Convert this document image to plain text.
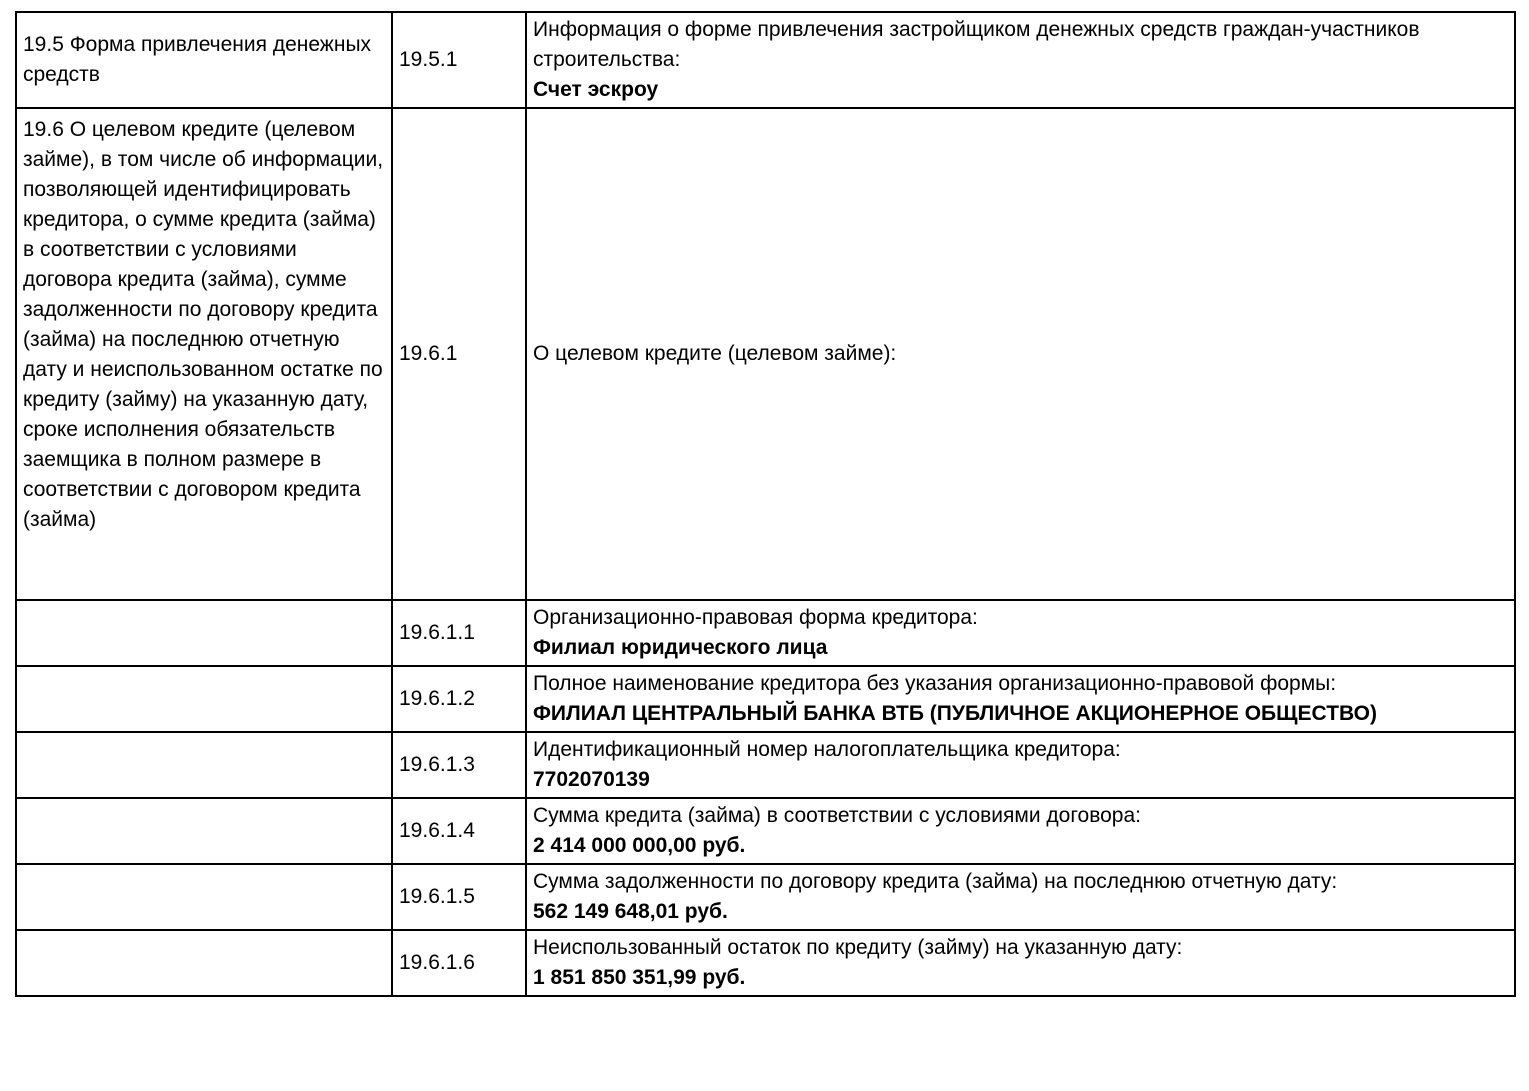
19.5 Форма привлечения денежных средств	19.5.1	Информация о форме привлечения застройщиком денежных средств граждан-участников строительства:
Счет эскроу

19.6 О целевом кредите (целевом займе), в том числе об информации, позволяющей идентифицировать кредитора, о сумме кредита (займа) в соответствии с условиями договора кредита (займа), сумме задолженности по договору кредита (займа) на последнюю отчетную дату и неиспользованном остатке по кредиту (займу) на указанную дату, сроке исполнения обязательств заемщика в полном размере в соответствии с договором кредита (займа)	19.6.1	О целевом кредите (целевом займе):

	19.6.1.1	Организационно-правовая форма кредитора:
Филиал юридического лица

	19.6.1.2	Полное наименование кредитора без указания организационно-правовой формы:
ФИЛИАЛ ЦЕНТРАЛЬНЫЙ БАНКА ВТБ (ПУБЛИЧНОЕ АКЦИОНЕРНОЕ ОБЩЕСТВО)

	19.6.1.3	Идентификационный номер налогоплательщика кредитора:
7702070139

	19.6.1.4	Сумма кредита (займа) в соответствии с условиями договора:
2 414 000 000,00 руб.

	19.6.1.5	Сумма задолженности по договору кредита (займа) на последнюю отчетную дату:
562 149 648,01 руб.

	19.6.1.6	Неиспользованный остаток по кредиту (займу) на указанную дату:
1 851 850 351,99 руб.
